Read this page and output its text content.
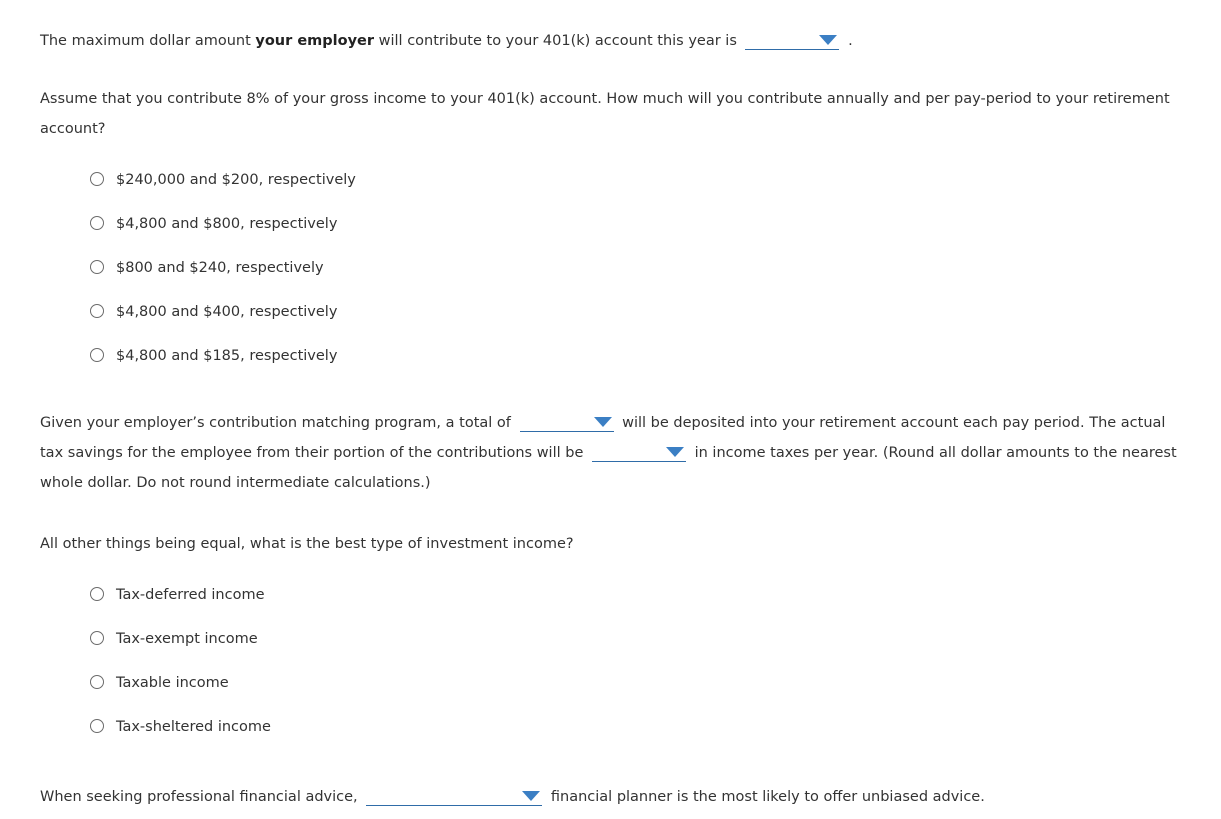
The maximum dollar amount your employer will contribute to your 401(k) account this year is	.
Assume that you contribute 8% of your gross income to your 401(k) account. How much will you contribute annually and per pay-period to your retirement account?
$240,000 and $200, respectively
$4,800 and $800, respectively
$800 and $240, respectively
$4,800 and $400, respectively
$4,800 and $185, respectively
Given your employer’s contribution matching program, a total of	will be deposited into your retirement account each pay period. The actual tax savings for the employee from their portion of the contributions will be	in income taxes per year. (Round all dollar amounts to the nearest whole dollar. Do not round intermediate calculations.)
All other things being equal, what is the best type of investment income?
Tax-deferred income
Tax-exempt income
Taxable income
Tax-sheltered income
When seeking professional financial advice,	financial planner is the most likely to offer unbiased advice.
